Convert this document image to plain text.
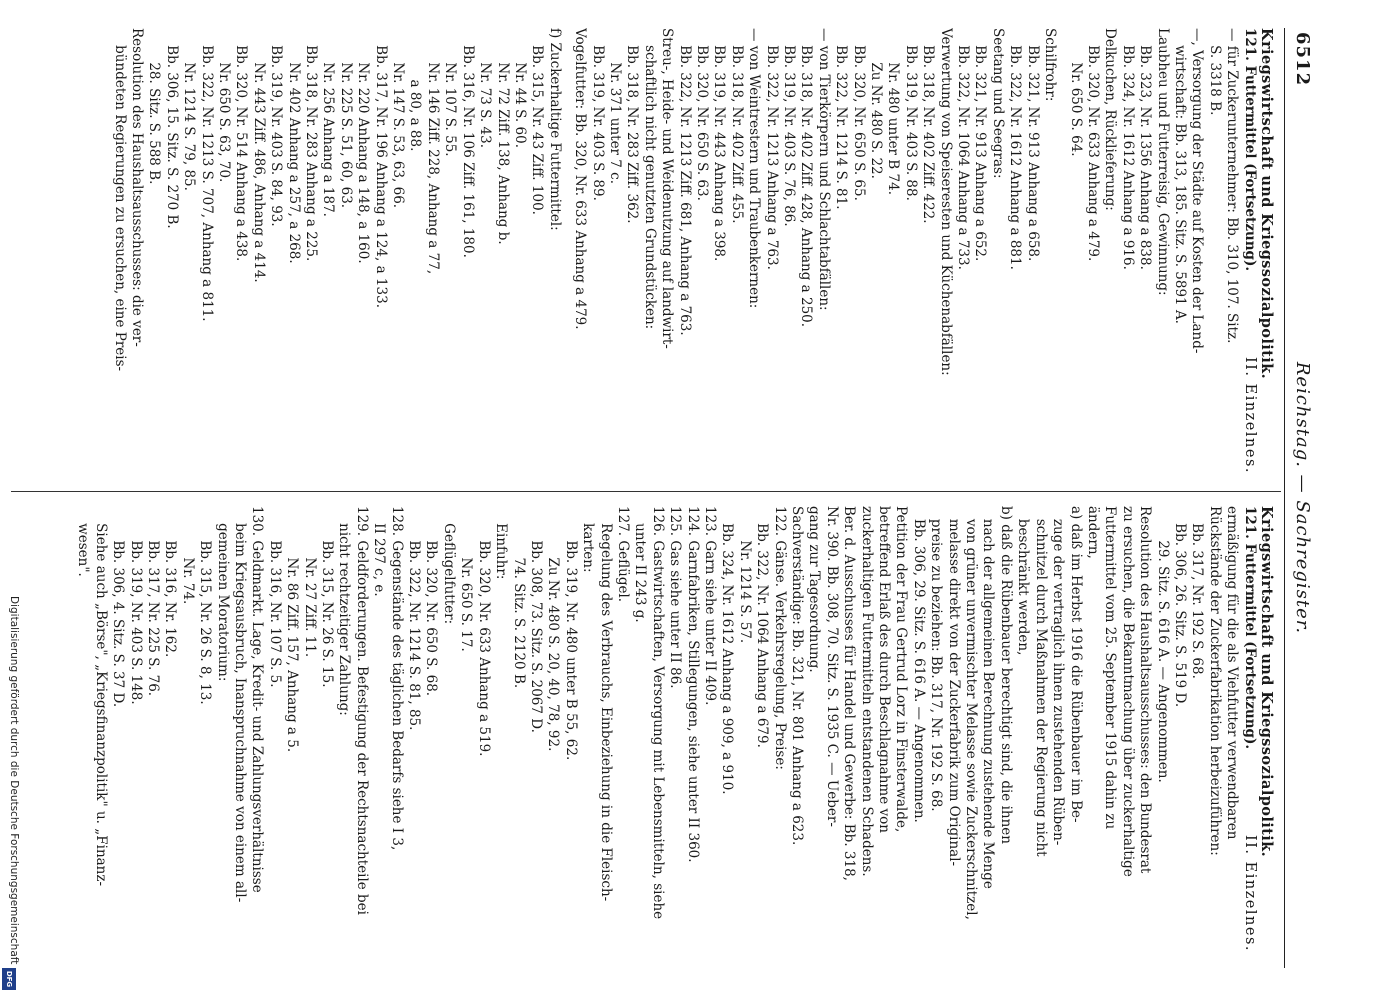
6512
Reichstag. — Sachregister.
Kriegswirtschaft und Kriegssozialpolitik.
II. Einzelnes.
121. Futtermittel (Fortsetzung).
— für Zuckerunternehmer: Bb. 310, 107. Sitz.
S. 3318 B.
—, Versorgung der Städte auf Kosten der Land-
wirtschaft: Bb. 313, 185. Sitz. S. 5891 A.
Laubheu und Futterreisig, Gewinnung:
Bb. 323, Nr. 1356 Anhang a 838.
Bb. 324, Nr. 1612 Anhang a 916.
Delkuchen, Rücklieferung:
Bb. 320, Nr. 633 Anhang a 479.
Nr. 650 S. 64.
Schilfrohr:
Bb. 321, Nr. 913 Anhang a 658.
Bb. 322, Nr. 1612 Anhang a 881.
Seetang und Seegras:
Bb. 321, Nr. 913 Anhang a 652.
Bb. 322, Nr. 1064 Anhang a 733.
Verwertung von Speiseresten und Küchenabfällen:
Bb. 318, Nr. 402 Ziff. 422.
Bb. 319, Nr. 403 S. 88.
Nr. 480 unter B 74.
Zu Nr. 480 S. 22.
Bb. 320, Nr. 650 S. 65.
Bb. 322, Nr. 1214 S. 81.
— von Tierkörpern und Schlachtabfällen:
Bb. 318, Nr. 402 Ziff. 428, Anhang a 250.
Bb. 319, Nr. 403 S. 76, 86.
Bb. 322, Nr. 1213 Anhang a 763.
— von Weintrestern und Traubenkernen:
Bb. 318, Nr. 402 Ziff. 455.
Bb. 319, Nr. 443 Anhang a 398.
Bb. 320, Nr. 650 S. 63.
Bb. 322, Nr. 1213 Ziff. 681, Anhang a 763.
Streu-, Heide- und Weidenutzung auf landwirt-
schaftlich nicht genutzten Grundstücken:
Bb. 318, Nr. 283 Ziff. 362.
Nr. 371 unter 7 c.
Bb. 319, Nr. 403 S. 89.
Vogelfutter: Bb. 320, Nr. 633 Anhang a 479.
f) Zuckerhaltige Futtermittel:
Bb. 315, Nr. 43 Ziff. 100.
Nr. 44 S. 60.
Nr. 72 Ziff. 138, Anhang b.
Nr. 73 S. 43.
Bb. 316, Nr. 106 Ziff. 161, 180.
Nr. 107 S. 55.
Nr. 146 Ziff. 228, Anhang a 77,
a 80, a 88.
Nr. 147 S. 53, 63, 66.
Bb. 317, Nr. 196 Anhang a 124, a 133.
Nr. 220 Anhang a 148, a 160.
Nr. 225 S. 51, 60, 63.
Nr. 256 Anhang a 187.
Bb. 318, Nr. 283 Anhang a 225.
Nr. 402 Anhang a 257, a 268.
Bb. 319, Nr. 403 S. 84, 93.
Nr. 443 Ziff. 486, Anhang a 414.
Bb. 320, Nr. 514 Anhang a 438.
Nr. 650 S. 63, 70.
Bb. 322, Nr. 1213 S. 707, Anhang a 811.
Nr. 1214 S. 79, 85.
Bb. 306, 15. Sitz. S. 270 B.
28. Sitz. S. 588 B.
Resolution des Haushaltsausschusses: die ver-
bündeten Regierungen zu ersuchen, eine Preis-
Kriegswirtschaft und Kriegssozialpolitik.
II. Einzelnes.
121. Futtermittel (Fortsetzung).
ermäßigung für die als Viehfutter verwendbaren
Rückstände der Zuckerfabrikation herbeizuführen:
Bb. 317, Nr. 192 S. 68.
Bb. 306, 26. Sitz. S. 519 D.
29. Sitz. S. 616 A. — Angenommen.
Resolution des Haushaltsausschusses: den Bundesrat
zu ersuchen, die Bekanntmachung über zuckerhaltige
Futtermittel vom 25. September 1915 dahin zu
ändern,
a) daß im Herbst 1916 die Rübenbauer im Be-
zuge der vertraglich ihnen zustehenden Rüben-
schnitzel durch Maßnahmen der Regierung nicht
beschränkt werden,
b) daß die Rübenbauer berechtigt sind, die ihnen
nach der allgemeinen Berechnung zustehende Menge
von grüner unvermischter Melasse sowie Zuckerschnitzel,
melasse direkt von der Zuckerfabrik zum Original-
preise zu beziehen: Bb. 317, Nr. 192 S. 68.
Bb. 306, 29. Sitz. S. 616 A. — Angenommen.
Petition der Frau Gertrud Lorz in Finsterwalde,
betreffend Erlaß des durch Beschlagnahme von
zuckerhaltigen Futtermitteln entstandenen Schadens.
Ber. d. Ausschusses für Handel und Gewerbe: Bb. 318,
Nr. 390. Bb. 308, 70. Sitz. S. 1935 C. — Ueber-
gang zur Tagesordnung.
Sachverständige: Bb. 321, Nr. 801 Anhang a 623.
122. Gänse. Verkehrsregelung, Preise:
Bb. 322, Nr. 1064 Anhang a 679.
Nr. 1214 S. 57.
Bb. 324, Nr. 1612 Anhang a 909, a 910.
123. Garn siehe unter II 409.
124. Garnfabriken, Stillegungen, siehe unter II 360.
125. Gas siehe unter II 86.
126. Gastwirtschaften, Versorgung mit Lebensmitteln, siehe
unter II 243 g.
127. Geflügel.
Regelung des Verbrauchs, Einbeziehung in die Fleisch-
karten:
Bb. 319, Nr. 480 unter B 55, 62.
Zu Nr. 480 S. 20, 40, 78, 92.
Bb. 308, 73. Sitz. S. 2067 D.
74. Sitz. S. 2120 B.
Einfuhr:
Bb. 320, Nr. 633 Anhang a 519.
Nr. 650 S. 17.
Geflügelfutter:
Bb. 320, Nr. 650 S. 68.
Bb. 322, Nr. 1214 S. 81, 85.
128. Gegenstände des täglichen Bedarfs siehe I 3,
II 297 c, e.
129. Geldforderungen. Befestigung der Rechtsnachteile bei
nicht rechtzeitiger Zahlung:
Bb. 315, Nr. 26 S. 15.
Nr. 27 Ziff. 11.
Nr. 86 Ziff. 157, Anhang a 5.
Bb. 316, Nr. 107 S. 5.
130. Geldmarkt. Lage, Kredit- und Zahlungsverhältnisse
beim Kriegsausbruch, Inanspruchnahme von einem all-
gemeinen Moratorium:
Bb. 315, Nr. 26 S. 8, 13.
Nr. 74.
Bb. 316, Nr. 162.
Bb. 317, Nr. 225 S. 76.
Bb. 319, Nr. 403 S. 148.
Bb. 306, 4. Sitz. S. 37 D.
Siehe auch „Börse", „Kriegsfinanzpolitik" u. „Finanz-
wesen".
Digitalisierung gefördert durch die Deutsche Forschungsgemeinschaft
DFG
